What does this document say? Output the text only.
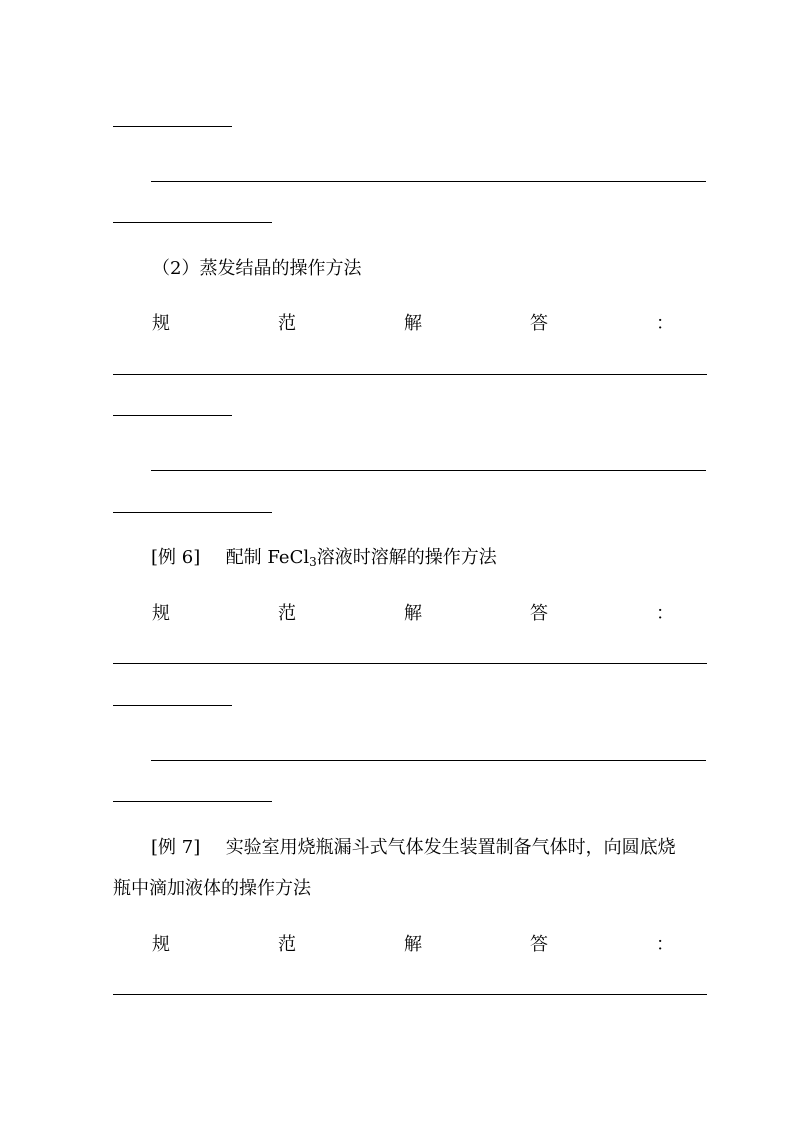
（2）蒸发结晶的操作方法
规	范	解	答	：
[例 6] 配制 FeCl$_3$溶液时溶解的操作方法
规	范	解	答	：
[例 7] 实验室用烧瓶漏斗式气体发生装置制备气体时，向圆底烧
瓶中滴加液体的操作方法
规	范	解	答	：
